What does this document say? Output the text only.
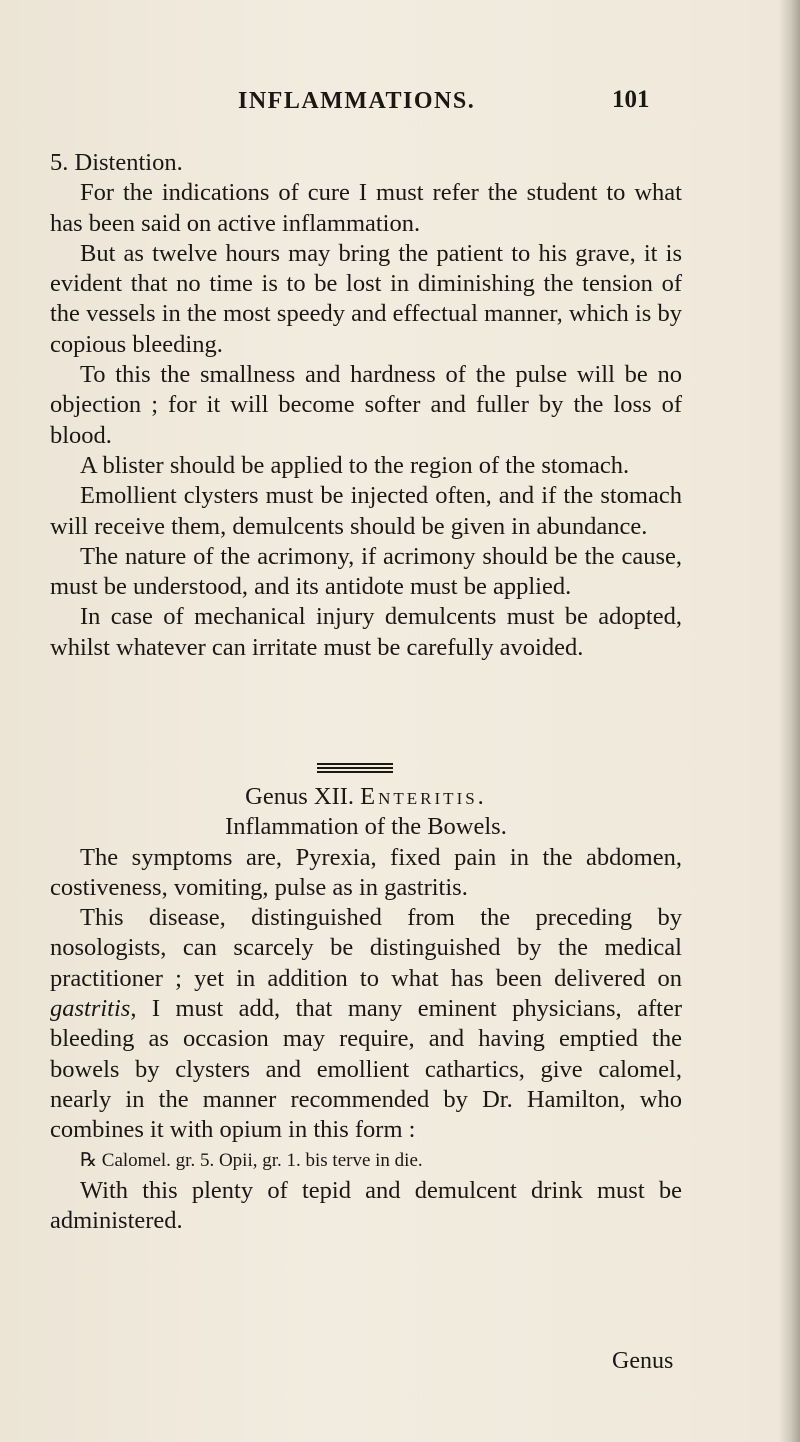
INFLAMMATIONS.	101

5. Distention.

For the indications of cure I must refer the student to what has been said on active inflammation.

But as twelve hours may bring the patient to his grave, it is evident that no time is to be lost in diminishing the tension of the vessels in the most speedy and effectual manner, which is by copious bleeding.

To this the smallness and hardness of the pulse will be no objection ; for it will become softer and fuller by the loss of blood.

A blister should be applied to the region of the stomach.

Emollient clysters must be injected often, and if the stomach will receive them, demulcents should be given in abundance.

The nature of the acrimony, if acrimony should be the cause, must be understood, and its antidote must be applied.

In case of mechanical injury demulcents must be adopted, whilst whatever can irritate must be carefully avoided.

Genus XII. Enteritis.

Inflammation of the Bowels.

The symptoms are, Pyrexia, fixed pain in the abdomen, costiveness, vomiting, pulse as in gastritis.

This disease, distinguished from the preceding by nosologists, can scarcely be distinguished by the medical practitioner ; yet in addition to what has been delivered on gastritis, I must add, that many eminent physicians, after bleeding as occasion may require, and having emptied the bowels by clysters and emollient cathartics, give calomel, nearly in the manner recommended by Dr. Hamilton, who combines it with opium in this form :

℞ Calomel. gr. 5. Opii, gr. 1. bis terve in die.

With this plenty of tepid and demulcent drink must be administered.

Genus
